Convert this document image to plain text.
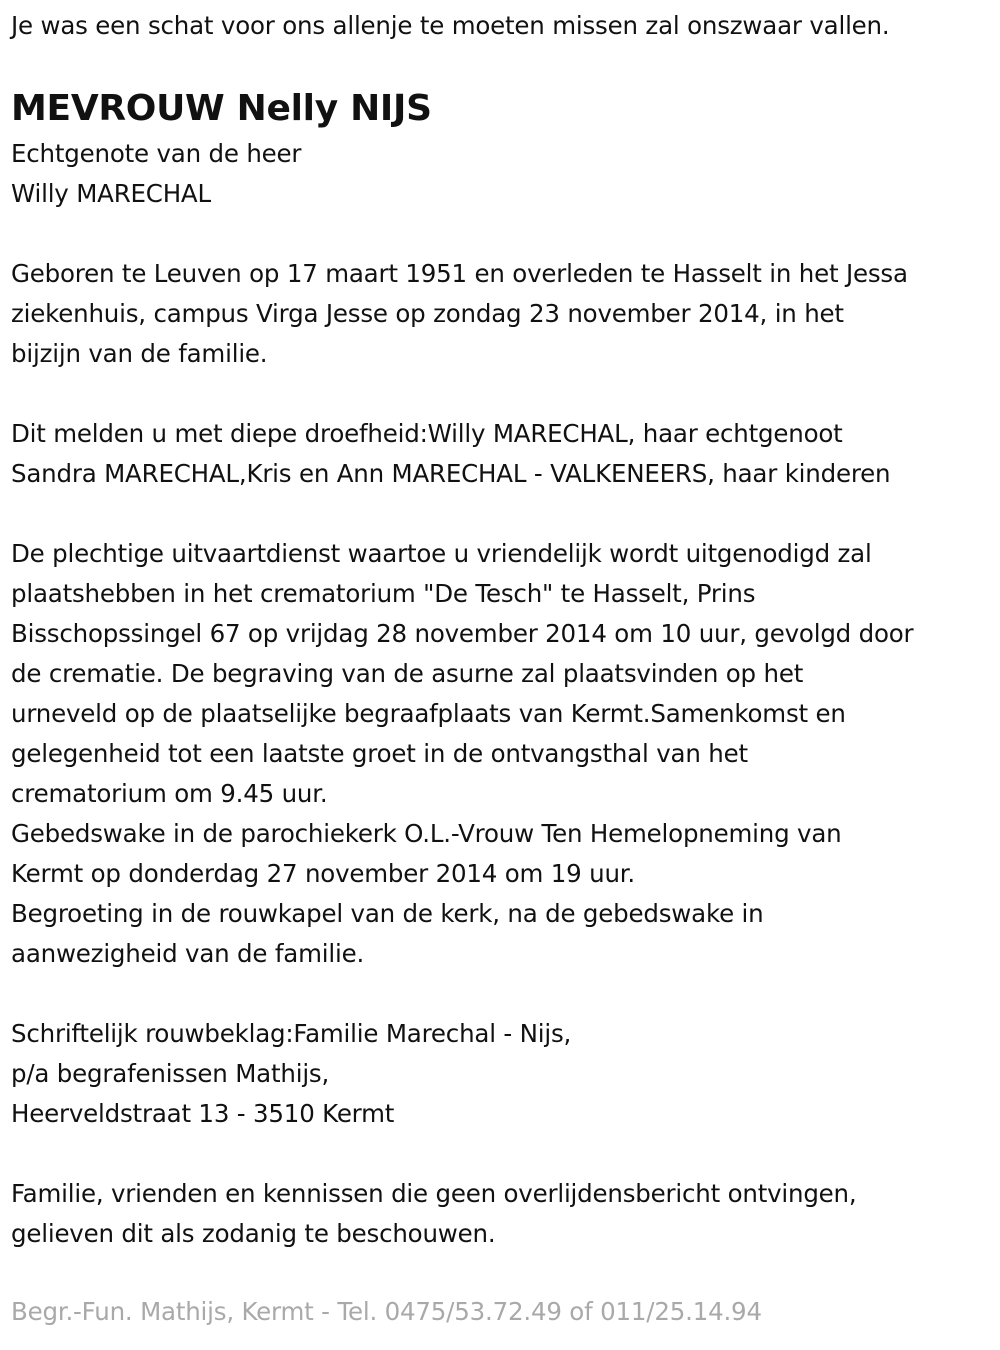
Je was een schat voor ons allenje te moeten missen zal onszwaar vallen.
MEVROUW Nelly NIJS
Echtgenote van de heer
Willy MARECHAL
Geboren te Leuven op 17 maart 1951 en overleden te Hasselt in het Jessa
ziekenhuis, campus Virga Jesse op zondag 23 november 2014, in het
bijzijn van de familie.
Dit melden u met diepe droefheid:Willy MARECHAL, haar echtgenoot
Sandra MARECHAL,Kris en Ann MARECHAL - VALKENEERS, haar kinderen
De plechtige uitvaartdienst waartoe u vriendelijk wordt uitgenodigd zal
plaatshebben in het crematorium "De Tesch" te Hasselt, Prins
Bisschopssingel 67 op vrijdag 28 november 2014 om 10 uur, gevolgd door
de crematie. De begraving van de asurne zal plaatsvinden op het
urneveld op de plaatselijke begraafplaats van Kermt.Samenkomst en
gelegenheid tot een laatste groet in de ontvangsthal van het
crematorium om 9.45 uur.
Gebedswake in de parochiekerk O.L.-Vrouw Ten Hemelopneming van
Kermt op donderdag 27 november 2014 om 19 uur.
Begroeting in de rouwkapel van de kerk, na de gebedswake in
aanwezigheid van de familie.
Schriftelijk rouwbeklag:Familie Marechal - Nijs,
p/a begrafenissen Mathijs,
Heerveldstraat 13 - 3510 Kermt
Familie, vrienden en kennissen die geen overlijdensbericht ontvingen,
gelieven dit als zodanig te beschouwen.
Begr.-Fun. Mathijs, Kermt - Tel. 0475/53.72.49 of 011/25.14.94
